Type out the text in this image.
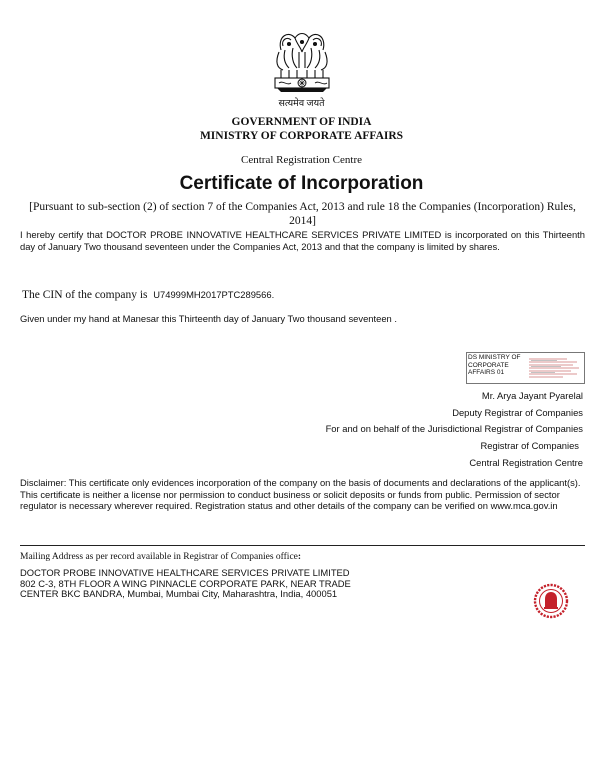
सत्यमेव जयते
GOVERNMENT OF INDIA
MINISTRY OF CORPORATE AFFAIRS
Central Registration Centre
Certificate of Incorporation
[Pursuant to sub-section (2) of section 7 of the Companies Act, 2013 and rule 18 the Companies (Incorporation) Rules, 2014]
I hereby certify that DOCTOR PROBE INNOVATIVE HEALTHCARE SERVICES PRIVATE LIMITED is incorporated on this Thirteenth day of January Two thousand seventeen under the Companies Act, 2013 and that the company is limited by shares.
The CIN of the company is U74999MH2017PTC289566.
Given under my hand at Manesar this Thirteenth day of January Two thousand seventeen .
DS MINISTRY OF CORPORATE AFFAIRS 01
Mr. Arya Jayant Pyarelal
Deputy Registrar of Companies
For and on behalf of the Jurisdictional Registrar of Companies
Registrar of Companies
Central Registration Centre
Disclaimer: This certificate only evidences incorporation of the company on the basis of documents and declarations of the applicant(s). This certificate is neither a license nor permission to conduct business or solicit deposits or funds from public. Permission of sector regulator is necessary wherever required. Registration status and other details of the company can be verified on www.mca.gov.in
Mailing Address as per record available in Registrar of Companies office:
DOCTOR PROBE INNOVATIVE HEALTHCARE SERVICES PRIVATE LIMITED
802 C-3, 8TH FLOOR A WING PINNACLE CORPORATE PARK, NEAR TRADE CENTER BKC BANDRA, Mumbai, Mumbai City, Maharashtra, India, 400051
